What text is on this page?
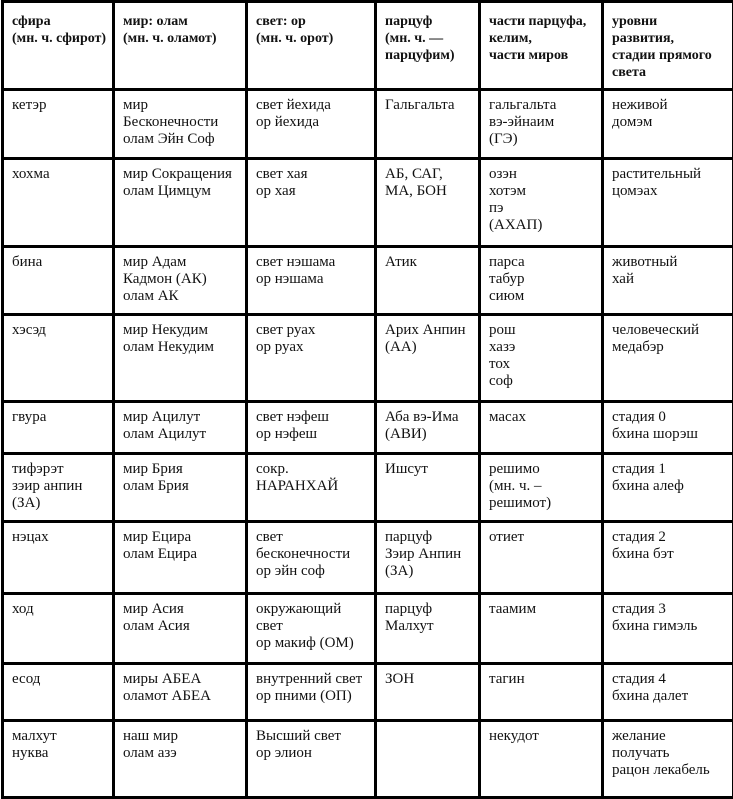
сфира
(мн. ч. сфирот)	мир: олам
(мн. ч. оламот)	свет: ор
(мн. ч. орот)	парцуф
(мн. ч. —
парцуфим)	части парцуфа,
келим,
части миров	уровни
развития,
стадии прямого
света

кетэр	мир
Бесконечности
олам Эйн Соф	свет йехида
ор йехида	Гальгальта	гальгальта
вэ-эйнаим
(ГЭ)	неживой
домэм

хохма	мир Сокращения
олам Цимцум	свет хая
ор хая	АБ, САГ,
МА, БОН	озэн
хотэм
пэ
(АХАП)	растительный
цомэах

бина	мир Адам
Кадмон (АК)
олам АК	свет нэшама
ор нэшама	Атик	парса
табур
сиюм	животный
хай

хэсэд	мир Некудим
олам Некудим	свет руах
ор руах	Арих Анпин
(АА)	рош
хазэ
тох
соф	человеческий
медабэр

гвура	мир Ацилут
олам Ацилут	свет нэфеш
ор нэфеш	Аба вэ-Има
(АВИ)	масах	стадия 0
бхина шорэш

тифэрэт
зэир анпин
(ЗА)	мир Брия
олам Брия	сокр.
НАРАНХАЙ	Ишсут	решимо
(мн. ч. –
решимот)	стадия 1
бхина алеф

нэцах	мир Ецира
олам Ецира	свет
бесконечности
ор эйн соф	парцуф
Зэир Анпин
(ЗА)	отиет	стадия 2
бхина бэт

ход	мир Асия
олам Асия	окружающий
свет
ор макиф (ОМ)	парцуф
Малхут	таамим	стадия 3
бхина гимэль

есод	миры АБЕА
оламот АБЕА	внутренний свет
ор пними (ОП)	ЗОН	тагин	стадия 4
бхина далет

малхут
нуква	наш мир
олам азэ	Высший свет
ор элион		некудот	желание
получать
рацон лекабель
